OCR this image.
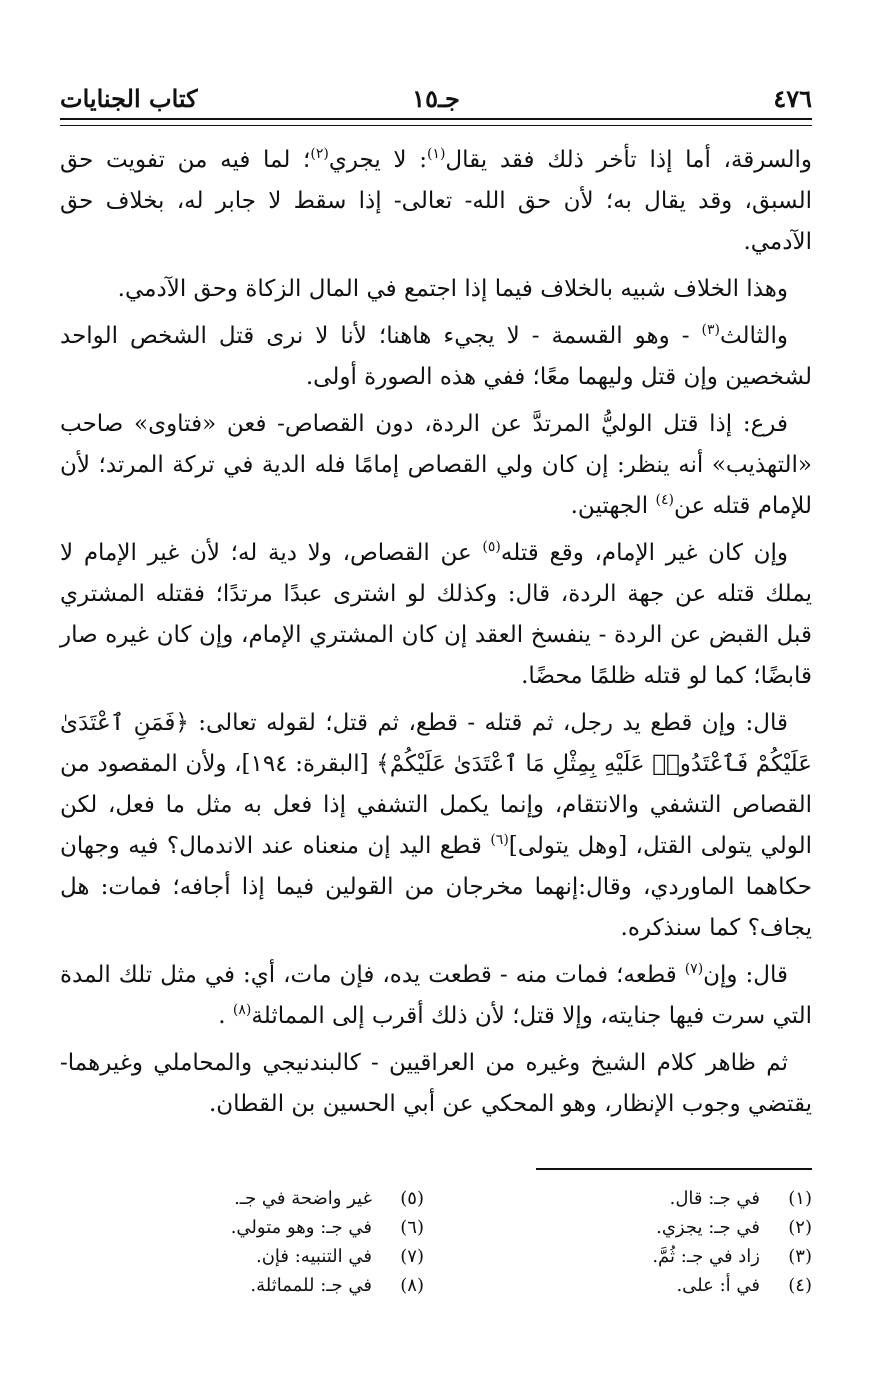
٤٧٦
جـ١٥
كتاب الجنايات

والسرقة، أما إذا تأخر ذلك فقد يقال$^{(١)}$: لا يجري$^{(٢)}$؛ لما فيه من تفويت حق السبق، وقد يقال به؛ لأن حق الله- تعالى- إذا سقط لا جابر له، بخلاف حق الآدمي.

وهذا الخلاف شبيه بالخلاف فيما إذا اجتمع في المال الزكاة وحق الآدمي.

والثالث$^{(٣)}$ - وهو القسمة - لا يجيء هاهنا؛ لأنا لا نرى قتل الشخص الواحد لشخصين وإن قتل وليهما معًا؛ ففي هذه الصورة أولى.

فرع: إذا قتل الوليُّ المرتدَّ عن الردة، دون القصاص- فعن «فتاوى» صاحب «التهذيب» أنه ينظر: إن كان ولي القصاص إمامًا فله الدية في تركة المرتد؛ لأن للإمام قتله عن$^{(٤)}$ الجهتين.

وإن كان غير الإمام، وقع قتله$^{(٥)}$ عن القصاص، ولا دية له؛ لأن غير الإمام لا يملك قتله عن جهة الردة، قال: وكذلك لو اشترى عبدًا مرتدًا؛ فقتله المشتري قبل القبض عن الردة - ينفسخ العقد إن كان المشتري الإمام، وإن كان غيره صار قابضًا؛ كما لو قتله ظلمًا محضًا.

قال: وإن قطع يد رجل، ثم قتله - قطع، ثم قتل؛ لقوله تعالى: ﴿فَمَنِ ٱعْتَدَىٰ عَلَيْكُمْ فَٱعْتَدُوا۟ عَلَيْهِ بِمِثْلِ مَا ٱعْتَدَىٰ عَلَيْكُمْ﴾ [البقرة: ١٩٤]، ولأن المقصود من القصاص التشفي والانتقام، وإنما يكمل التشفي إذا فعل به مثل ما فعل، لكن الولي يتولى القتل، [وهل يتولى]$^{(٦)}$ قطع اليد إن منعناه عند الاندمال؟ فيه وجهان حكاهما الماوردي، وقال:إنهما مخرجان من القولين فيما إذا أجافه؛ فمات: هل يجاف؟ كما سنذكره.

قال: وإن$^{(٧)}$ قطعه؛ فمات منه - قطعت يده، فإن مات، أي: في مثل تلك المدة التي سرت فيها جنايته، وإلا قتل؛ لأن ذلك أقرب إلى المماثلة$^{(٨)}$ .

ثم ظاهر كلام الشيخ وغيره من العراقيين - كالبندنيجي والمحاملي وغيرهما- يقتضي وجوب الإنظار، وهو المحكي عن أبي الحسين بن القطان.

(١)
في جـ: قال.
(٢)
في جـ: يجزي.
(٣)
زاد في جـ: ثُمَّ.
(٤)
في أ: على.
(٥)
غير واضحة في جـ.
(٦)
في جـ: وهو متولي.
(٧)
في التنبيه: فإن.
(٨)
في جـ: للمماثلة.
